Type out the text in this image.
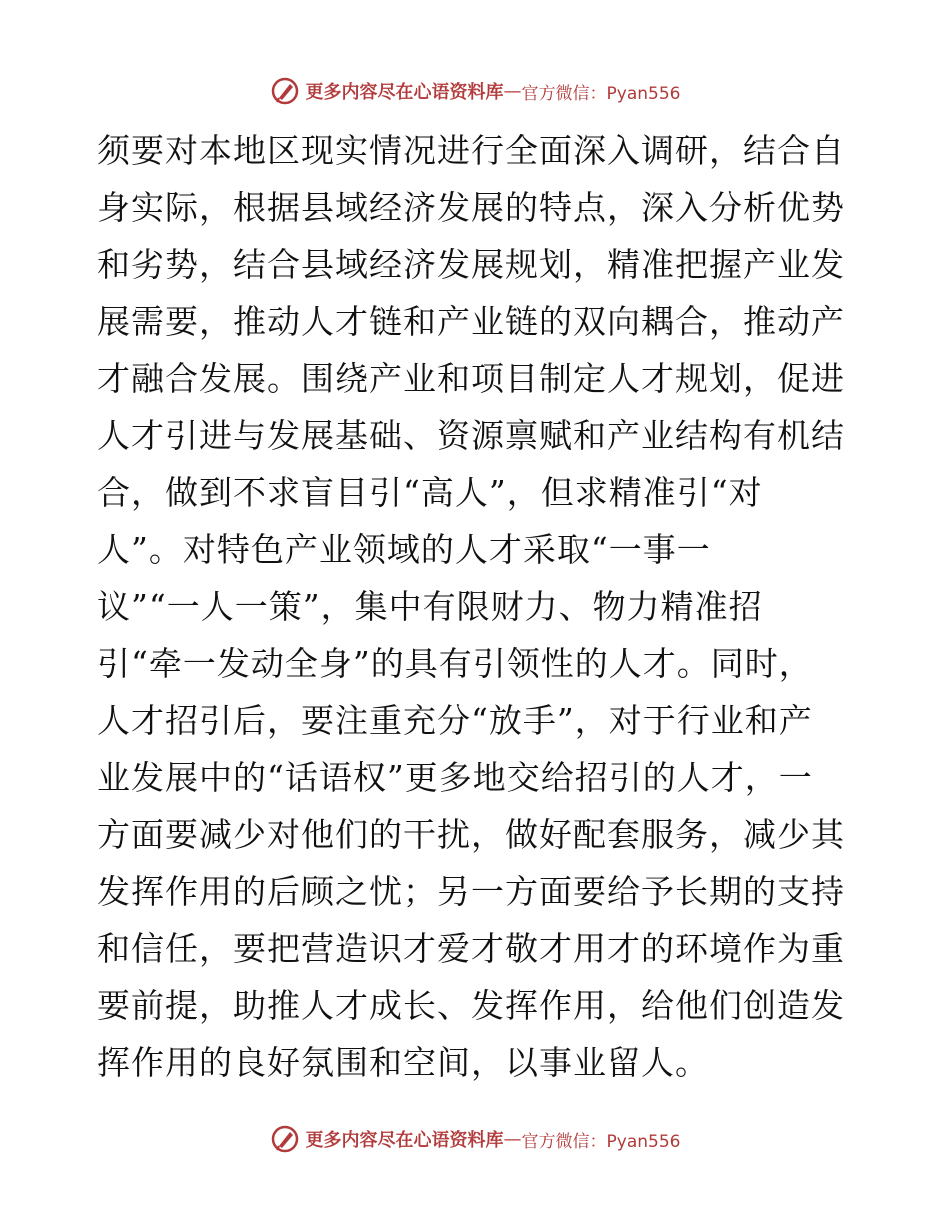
更多内容尽在心语资料库 — 官方微信：Pyan556
须要对本地区现实情况进行全面深入调研，结合自
身实际，根据县域经济发展的特点，深入分析优势
和劣势，结合县域经济发展规划，精准把握产业发
展需要，推动人才链和产业链的双向耦合，推动产
才融合发展。围绕产业和项目制定人才规划，促进
人才引进与发展基础、资源禀赋和产业结构有机结
合，做到不求盲目引“高人”，但求精准引“对
人”。对特色产业领域的人才采取“一事一
议”“一人一策”，集中有限财力、物力精准招
引“牵一发动全身”的具有引领性的人才。同时，
人才招引后，要注重充分“放手”，对于行业和产
业发展中的“话语权”更多地交给招引的人才，一
方面要减少对他们的干扰，做好配套服务，减少其
发挥作用的后顾之忧；另一方面要给予长期的支持
和信任，要把营造识才爱才敬才用才的环境作为重
要前提，助推人才成长、发挥作用，给他们创造发
挥作用的良好氛围和空间，以事业留人。
更多内容尽在心语资料库 — 官方微信：Pyan556
